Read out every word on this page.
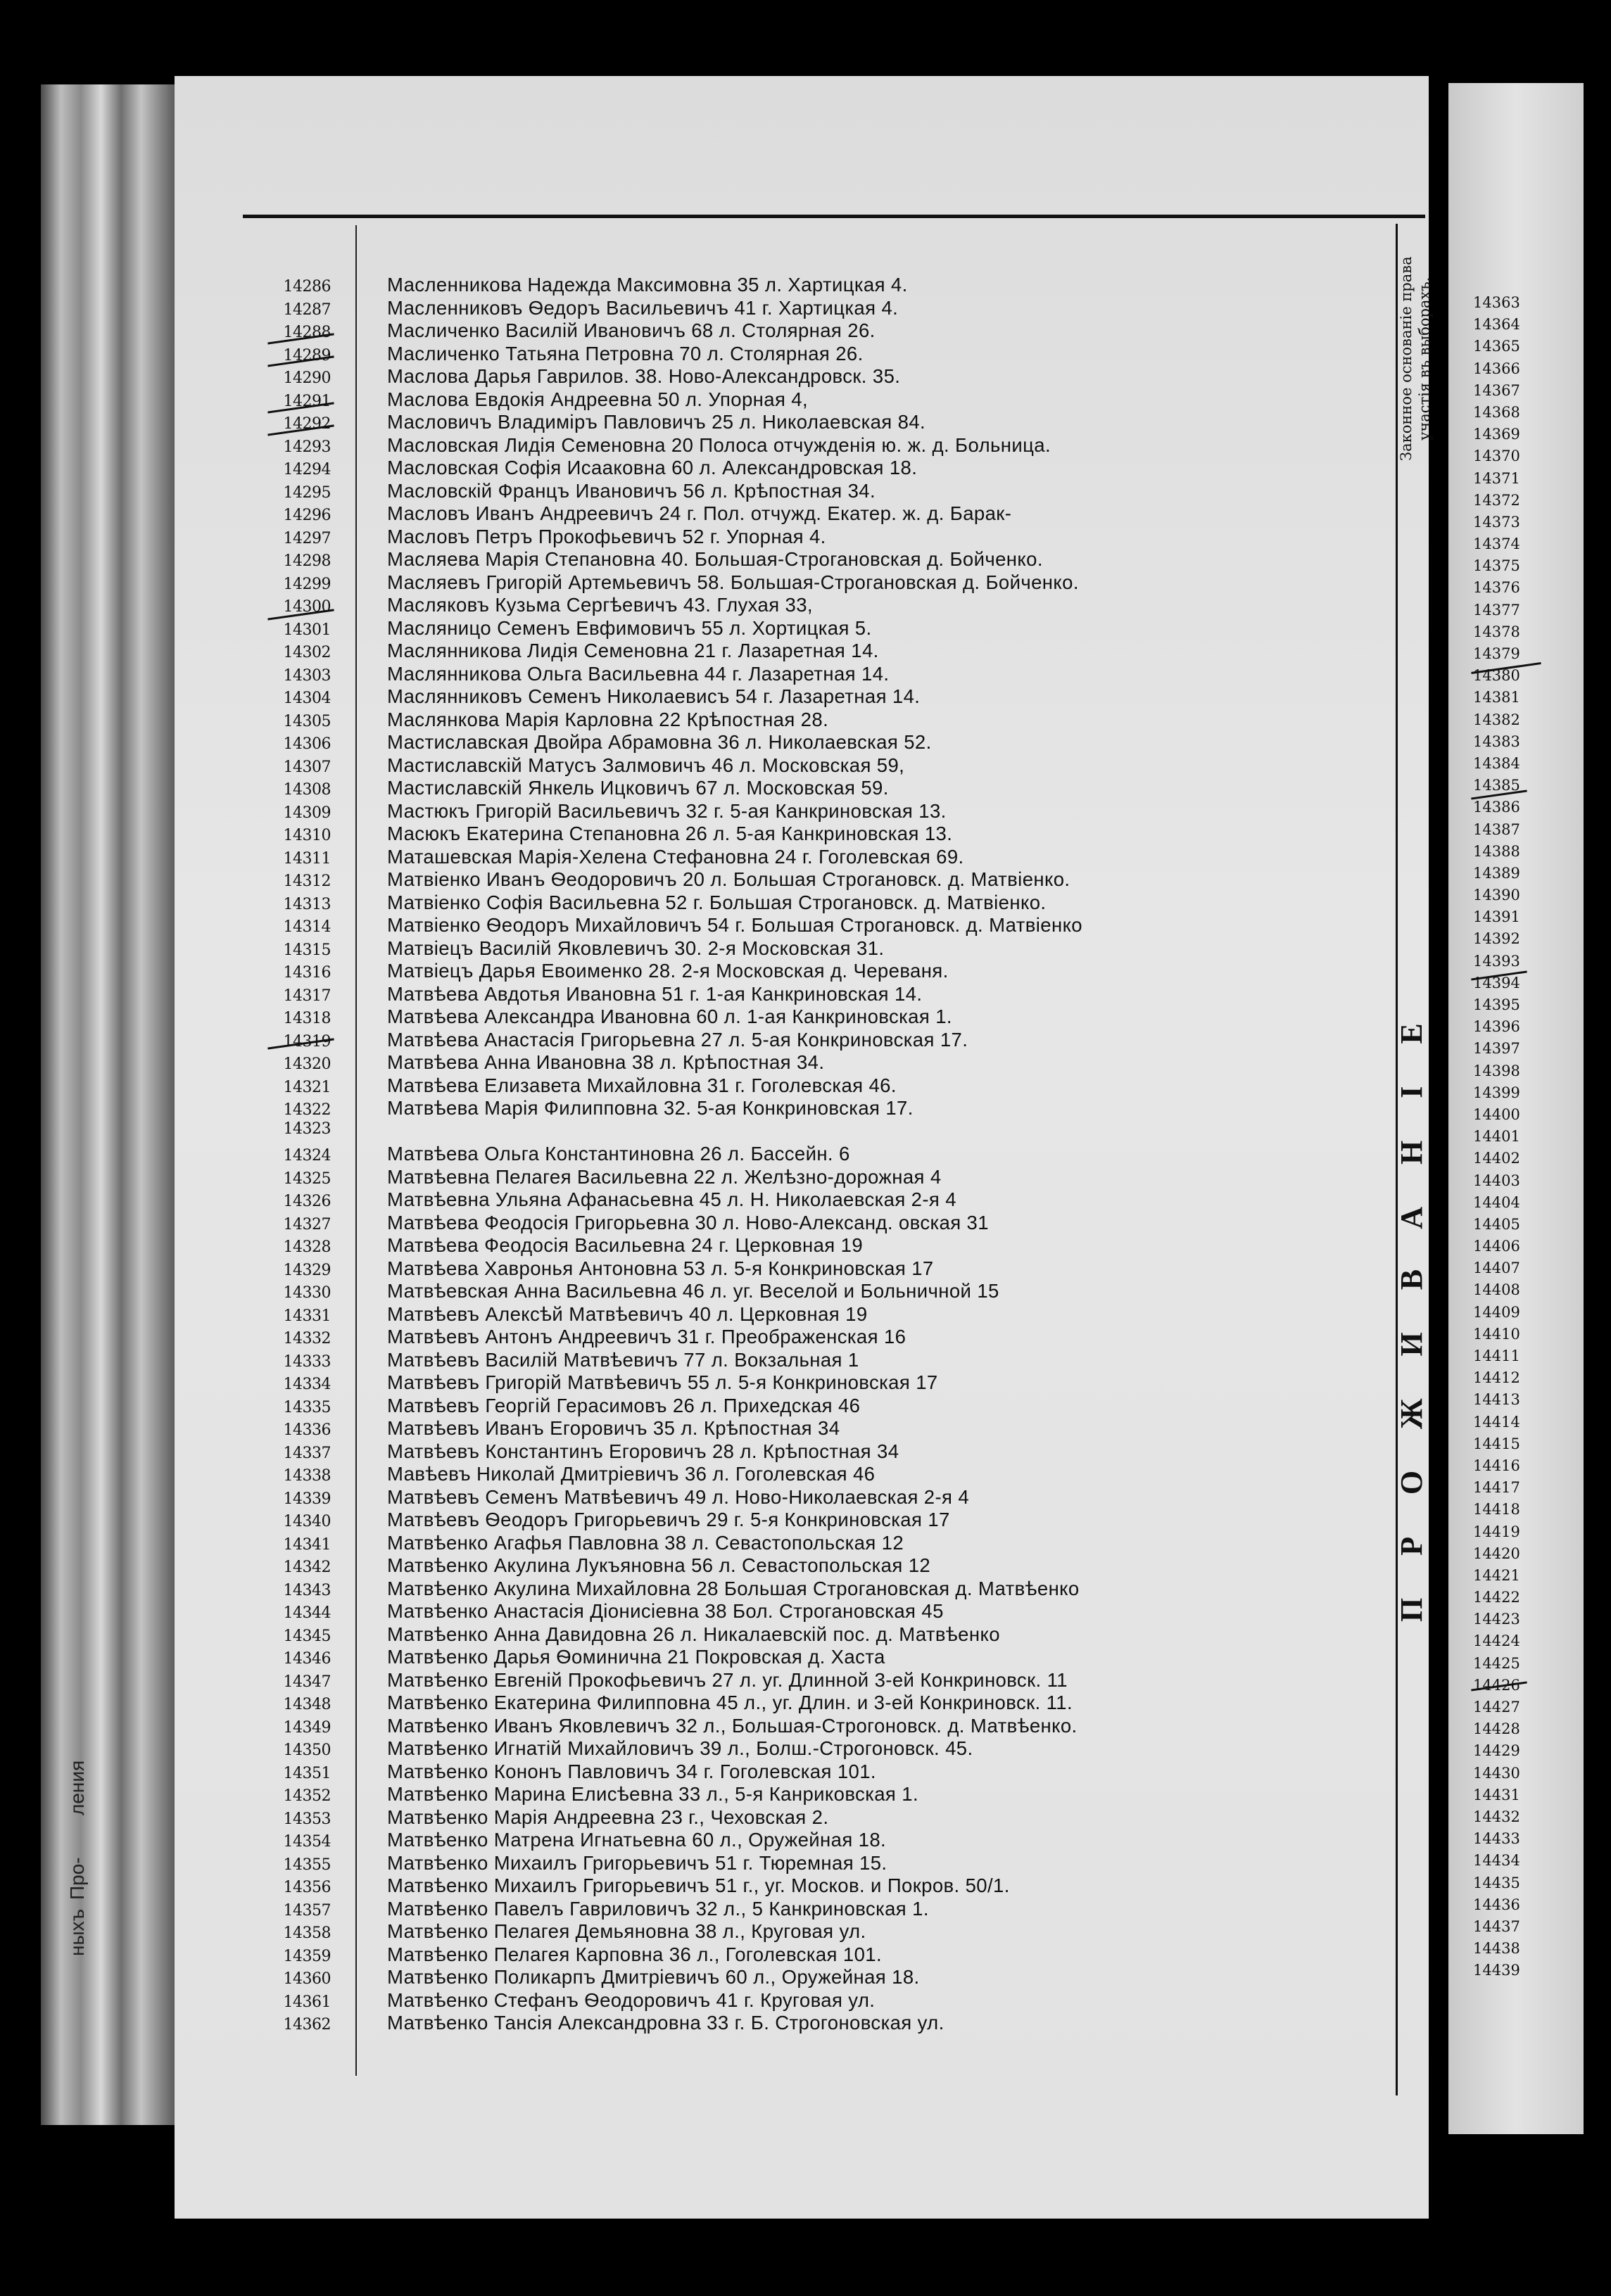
Про-
ления
ныхъ
Законное основаніе права участія въ выборахъ.
ПРОЖИВАНІЕ
14286	Масленникова Надежда Максимовна 35 л. Хартицкая 4.
14287	Масленниковъ Ѳедоръ Васильевичъ 41 г. Хартицкая 4.
14288	Масличенко Василій Ивановичъ 68 л. Столярная 26.
14289	Масличенко Татьяна Петровна 70 л. Столярная 26.
14290	Маслова Дарья Гаврилов. 38. Ново-Александровск. 35.
14291	Маслова Евдокія Андреевна 50 л. Упорная 4,
14292	Масловичъ Владиміръ Павловичъ 25 л. Николаевская 84.
14293	Масловская Лидія Семеновна 20 Полоса отчужденія ю. ж. д. Больница.
14294	Масловская Софія Исааковна 60 л. Александровская 18.
14295	Масловскій Францъ Ивановичъ 56 л. Крѣпостная 34.
14296	Масловъ Иванъ Андреевичъ 24 г. Пол. отчужд. Екатер. ж. д. Барак-
14297	Масловъ Петръ Прокофьевичъ 52 г. Упорная 4.
14298	Масляева Марія Степановна 40. Большая-Строгановская д. Бойченко.
14299	Масляевъ Григорій Артемьевичъ 58. Большая-Строгановская д. Бойченко.
14300	Масляковъ Кузьма Сергѣевичъ 43. Глухая 33,
14301	Масляницо Семенъ Евфимовичъ 55 л. Хортицкая 5.
14302	Маслянникова Лидія Семеновна 21 г. Лазаретная 14.
14303	Маслянникова Ольга Васильевна 44 г. Лазаретная 14.
14304	Маслянниковъ Семенъ Николаевисъ 54 г. Лазаретная 14.
14305	Маслянкова Марія Карловна 22 Крѣпостная 28.
14306	Мастиславская Двойра Абрамовна 36 л. Николаевская 52.
14307	Мастиславскій Матусъ Залмовичъ 46 л. Московская 59,
14308	Мастиславскій Янкель Ицковичъ 67 л. Московская 59.
14309	Мастюкъ Григорій Васильевичъ 32 г. 5-ая Канкриновская 13.
14310	Масюкъ Екатерина Степановна 26 л. 5-ая Канкриновская 13.
14311	Маташевская Марія-Хелена Стефановна 24 г. Гоголевская 69.
14312	Матвіенко Иванъ Ѳеодоровичъ 20 л. Большая Строгановск. д. Матвіенко.
14313	Матвіенко Софія Васильевна 52 г. Большая Строгановск. д. Матвіенко.
14314	Матвіенко Ѳеодоръ Михайловичъ 54 г. Большая Строгановск. д. Матвіенко
14315	Матвіецъ Василій Яковлевичъ 30. 2-я Московская 31.
14316	Матвіецъ Дарья Евоименко 28. 2-я Московская д. Череваня.
14317	Матвѣева Авдотья Ивановна 51 г. 1-ая Канкриновская 14.
14318	Матвѣева Александра Ивановна 60 л. 1-ая Канкриновская 1.
14319	Матвѣева Анастасія Григорьевна 27 л. 5-ая Конкриновская 17.
14320	Матвѣева Анна Ивановна 38 л. Крѣпостная 34.
14321	Матвѣева Елизавета Михайловна 31 г. Гоголевская 46.
14322	Матвѣева Марія Филипповна 32. 5-ая Конкриновская 17.
14323
14324	Матвѣева Ольга Константиновна 26 л. Бассейн. 6
14325	Матвѣевна Пелагея Васильевна 22 л. Желѣзно-дорожная 4
14326	Матвѣевна Ульяна Афанасьевна 45 л. Н. Николаевская 2-я 4
14327	Матвѣева Феодосія Григорьевна 30 л. Ново-Александ. овская 31
14328	Матвѣева Феодосія Васильевна 24 г. Церковная 19
14329	Матвѣева Хавронья Антоновна 53 л. 5-я Конкриновская 17
14330	Матвѣевская Анна Васильевна 46 л. уг. Веселой и Больничной 15
14331	Матвѣевъ Алексѣй Матвѣевичъ 40 л. Церковная 19
14332	Матвѣевъ Антонъ Андреевичъ 31 г. Преображенская 16
14333	Матвѣевъ Василій Матвѣевичъ 77 л. Вокзальная 1
14334	Матвѣевъ Григорій Матвѣевичъ 55 л. 5-я Конкриновская 17
14335	Матвѣевъ Георгій Герасимовъ 26 л. Прихедская 46
14336	Матвѣевъ Иванъ Егоровичъ 35 л. Крѣпостная 34
14337	Матвѣевъ Константинъ Егоровичъ 28 л. Крѣпостная 34
14338	Мавѣевъ Николай Дмитріевичъ 36 л. Гоголевская 46
14339	Матвѣевъ Семенъ Матвѣевичъ 49 л. Ново-Николаевская 2-я 4
14340	Матвѣевъ Ѳеодоръ Григорьевичъ 29 г. 5-я Конкриновская 17
14341	Матвѣенко Агафья Павловна 38 л. Севастопольская 12
14342	Матвѣенко Акулина Лукъяновна 56 л. Севастопольская 12
14343	Матвѣенко Акулина Михайловна 28 Большая Строгановская д. Матвѣенко
14344	Матвѣенко Анастасія Діонисіевна 38 Бол. Строгановская 45
14345	Матвѣенко Анна Давидовна 26 л. Никалаевскій пос. д. Матвѣенко
14346	Матвѣенко Дарья Ѳоминична 21 Покровская д. Хаста
14347	Матвѣенко Евгеній Прокофьевичъ 27 л. уг. Длинной 3-ей Конкриновск. 11
14348	Матвѣенко Екатерина Филипповна 45 л., уг. Длин. и 3-ей Конкриновск. 11.
14349	Матвѣенко Иванъ Яковлевичъ 32 л., Большая-Строгоновск. д. Матвѣенко.
14350	Матвѣенко Игнатій Михайловичъ 39 л., Болш.-Строгоновск. 45.
14351	Матвѣенко Кононъ Павловичъ 34 г. Гоголевская 101.
14352	Матвѣенко Марина Елисѣевна 33 л., 5-я Канриковская 1.
14353	Матвѣенко Марія Андреевна 23 г., Чеховская 2.
14354	Матвѣенко Матрена Игнатьевна 60 л., Оружейная 18.
14355	Матвѣенко Михаилъ Григорьевичъ 51 г. Тюремная 15.
14356	Матвѣенко Михаилъ Григорьевичъ 51 г., уг. Москов. и Покров. 50/1.
14357	Матвѣенко Павелъ Гавриловичъ 32 л., 5 Канкриновская 1.
14358	Матвѣенко Пелагея Демьяновна 38 л., Круговая ул.
14359	Матвѣенко Пелагея Карповна 36 л., Гоголевская 101.
14360	Матвѣенко Поликарпъ Дмитріевичъ 60 л., Оружейная 18.
14361	Матвѣенко Стефанъ Ѳеодоровичъ 41 г. Круговая ул.
14362	Матвѣенко Тансія Александровна 33 г. Б. Строгоновская ул.
14363
14364
14365
14366
14367
14368
14369
14370
14371
14372
14373
14374
14375
14376
14377
14378
14379
14380
14381
14382
14383
14384
14385
14386
14387
14388
14389
14390
14391
14392
14393
14394
14395
14396
14397
14398
14399
14400
14401
14402
14403
14404
14405
14406
14407
14408
14409
14410
14411
14412
14413
14414
14415
14416
14417
14418
14419
14420
14421
14422
14423
14424
14425
14426
14427
14428
14429
14430
14431
14432
14433
14434
14435
14436
14437
14438
14439
